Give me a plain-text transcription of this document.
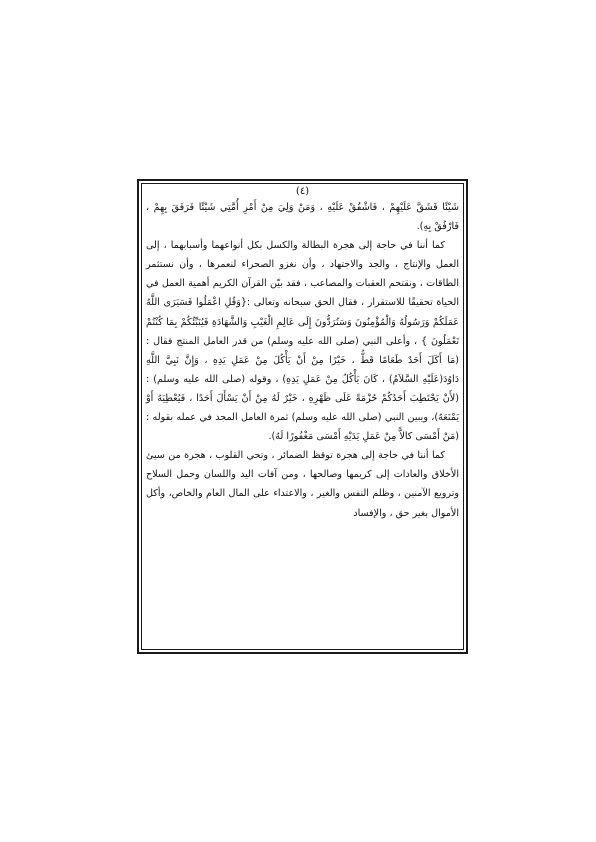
(٤)

شَيْئًا فَشَقَّ عَلَيْهِمْ ، فَاشْقُقْ عَلَيْهِ ، وَمَنْ وَلِيَ مِنْ أَمْرِ أُمَّتِي شَيْئًا فَرَفَقَ بِهِمْ ، فَارْفُقْ بِهِ).

كما أننا في حاجة إلى هجرة البطالة والكسل بكل أنواعهما وأسبابهما ، إلى العمل والإنتاج ، والجد والاجتهاد ، وأن نغزو الصحراء لنعمرها ، وأن نستثمر الطاقات ، ونقتحم العقبات والمصاعب ، فقد بيّن القرآن الكريم أهمية العمل في الحياة تحقيقًا للاستقرار ، فقال الحق سبحانه وتعالى :{وَقُلِ اعْمَلُوا فَسَيَرَى اللَّهُ عَمَلَكُمْ وَرَسُولُهُ وَالْمُؤْمِنُونَ وَسَتُرَدُّونَ إِلَى عَالِمِ الْغَيْبِ وَالشَّهَادَةِ فَيُنَبِّئُكُمْ بِمَا كُنْتُمْ تَعْمَلُونَ } ، وأعلى النبي (صلى الله عليه وسلم) من قدر العامل المنتج فقال : (مَا أَكَلَ أَحَدٌ طَعَامًا قَطُّ ، خَيْرًا مِنْ أَنْ يَأْكُلَ مِنْ عَمَلِ يَدِهِ ، وَإِنَّ نَبِيَّ اللَّهِ دَاوُدَ(عَلَيْهِ السَّلاَمُ) ، كَانَ يَأْكُلُ مِنْ عَمَلِ يَدِهِ) ، وقوله (صلى الله عليه وسلم) : (لأَنْ يَحْتَطِبَ أَحَدُكُمْ حُزْمَةً عَلَى ظَهْرِهِ ، خَيْرٌ لَهُ مِنْ أَنْ يَسْأَلَ أَحَدًا ، فَيُعْطِيَهُ أَوْ يَمْنَعَهُ)، ويبين النبي (صلى الله عليه وسلم) ثمرة العامل المجد في عمله بقوله : (مَنْ أَمْسَى كالاًّ مِنْ عَمَلِ يَدَيْهِ أَمْسَى مَغْفُورًا لَهُ).

كما أننا في حاجة إلى هجرة توقظ الضمائر ، وتحي القلوب ، هجرة من سيئ الأخلاق والعادات إلى كريمها وصالحها ، ومن آفات اليد واللسان وحمل السلاح وترويع الآمنين ، وظلم النفس والغير ، والاعتداء على المال العام والخاص، وأكل الأموال بغير حق ، والإفساد
